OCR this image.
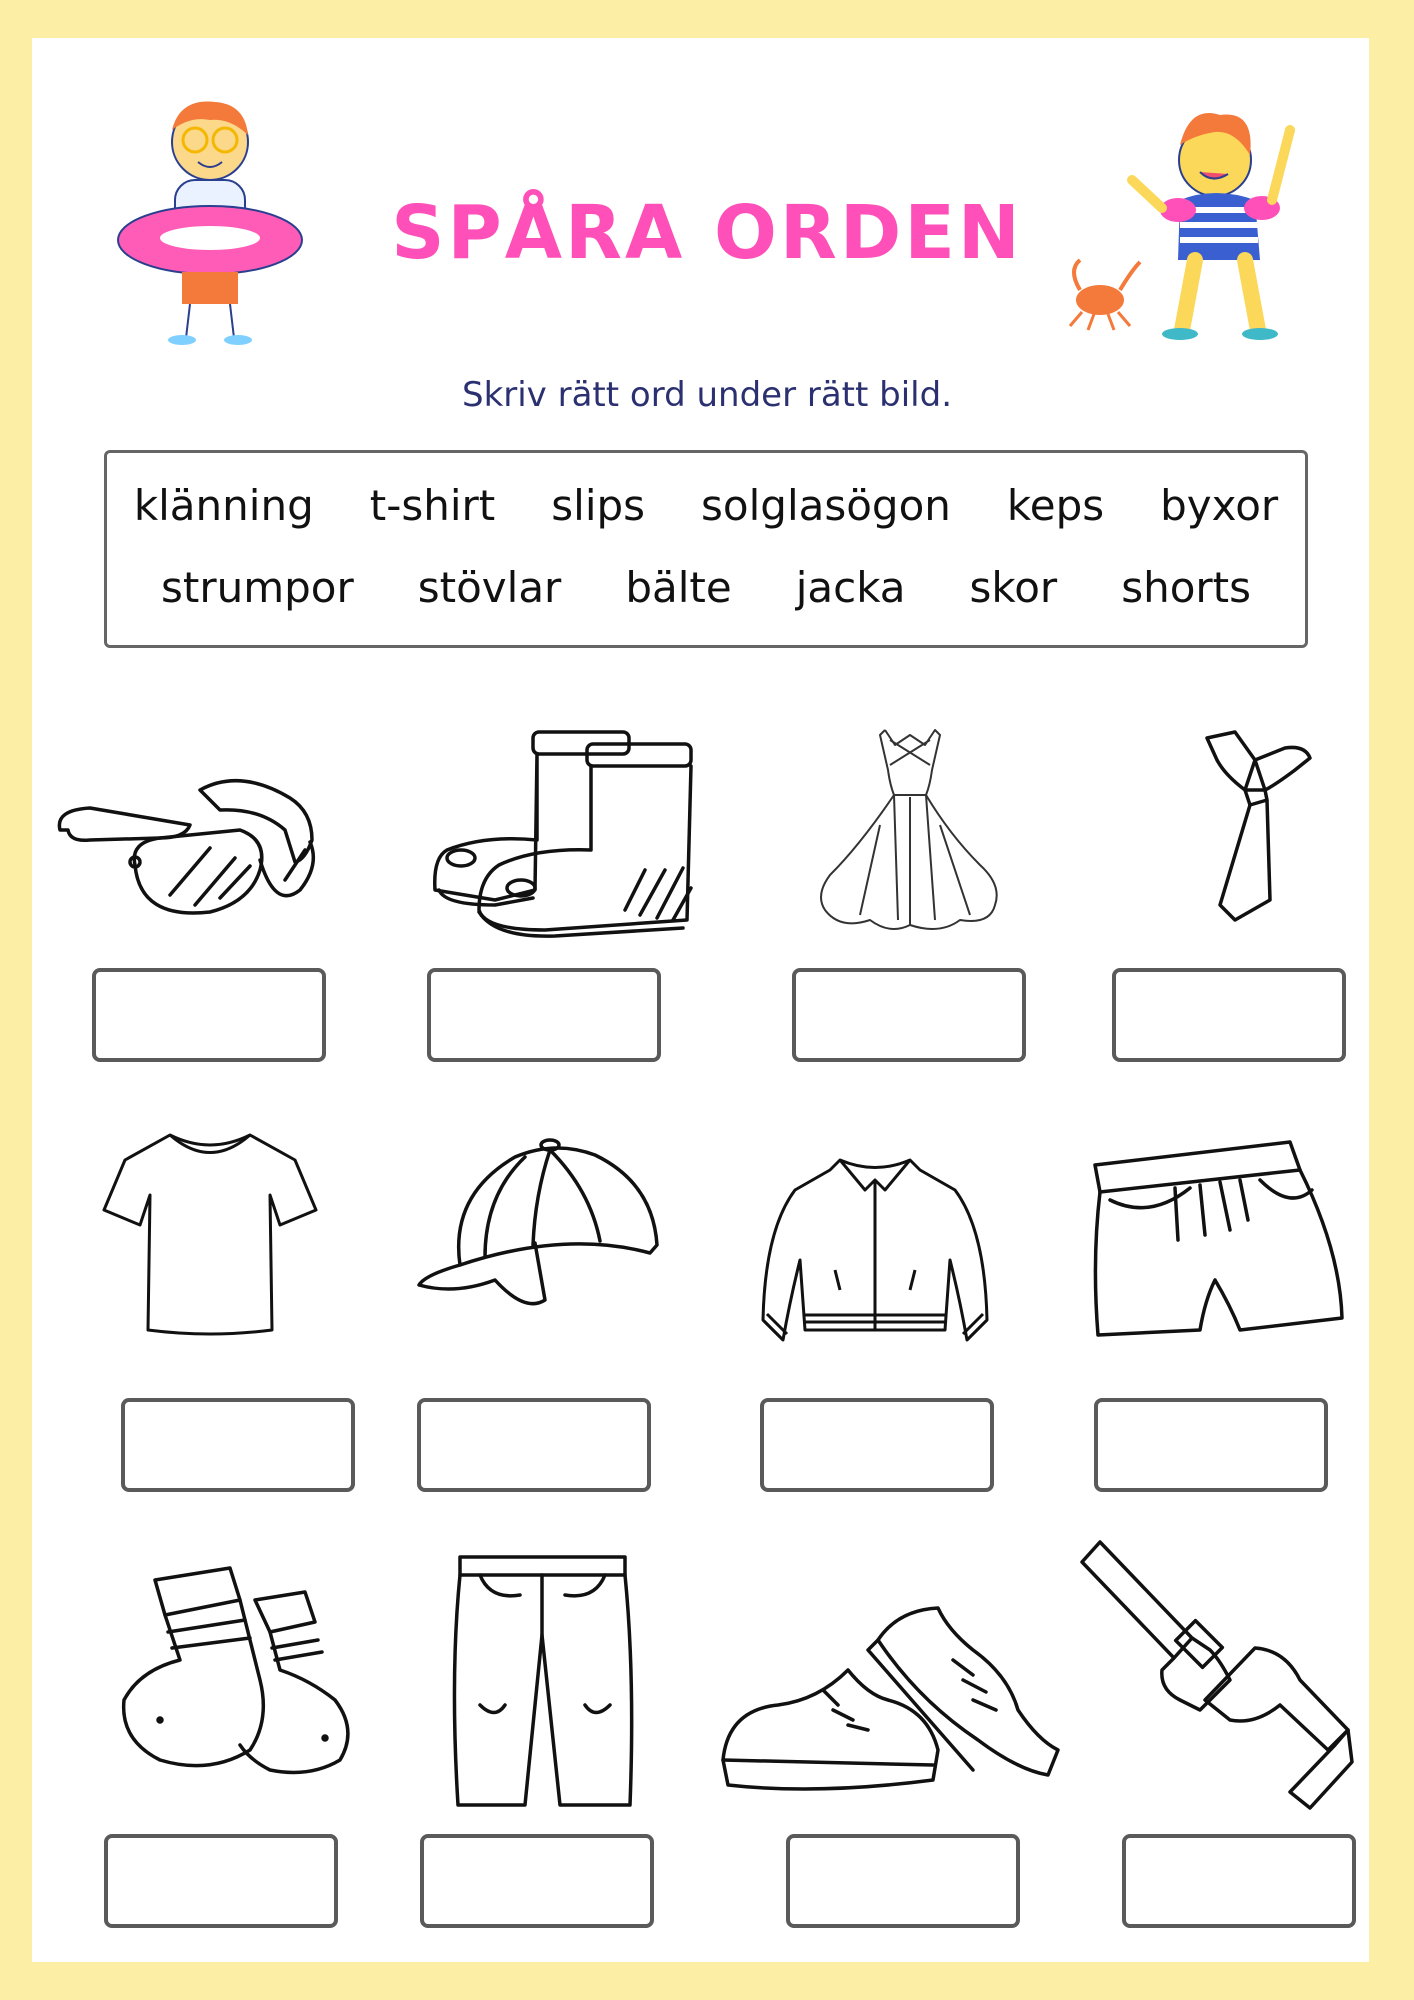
SPÅRA ORDEN
Skriv rätt ord under rätt bild.
klänning t-shirt slips solglasögon keps byxor
strumpor stövlar bälte jacka skor shorts
